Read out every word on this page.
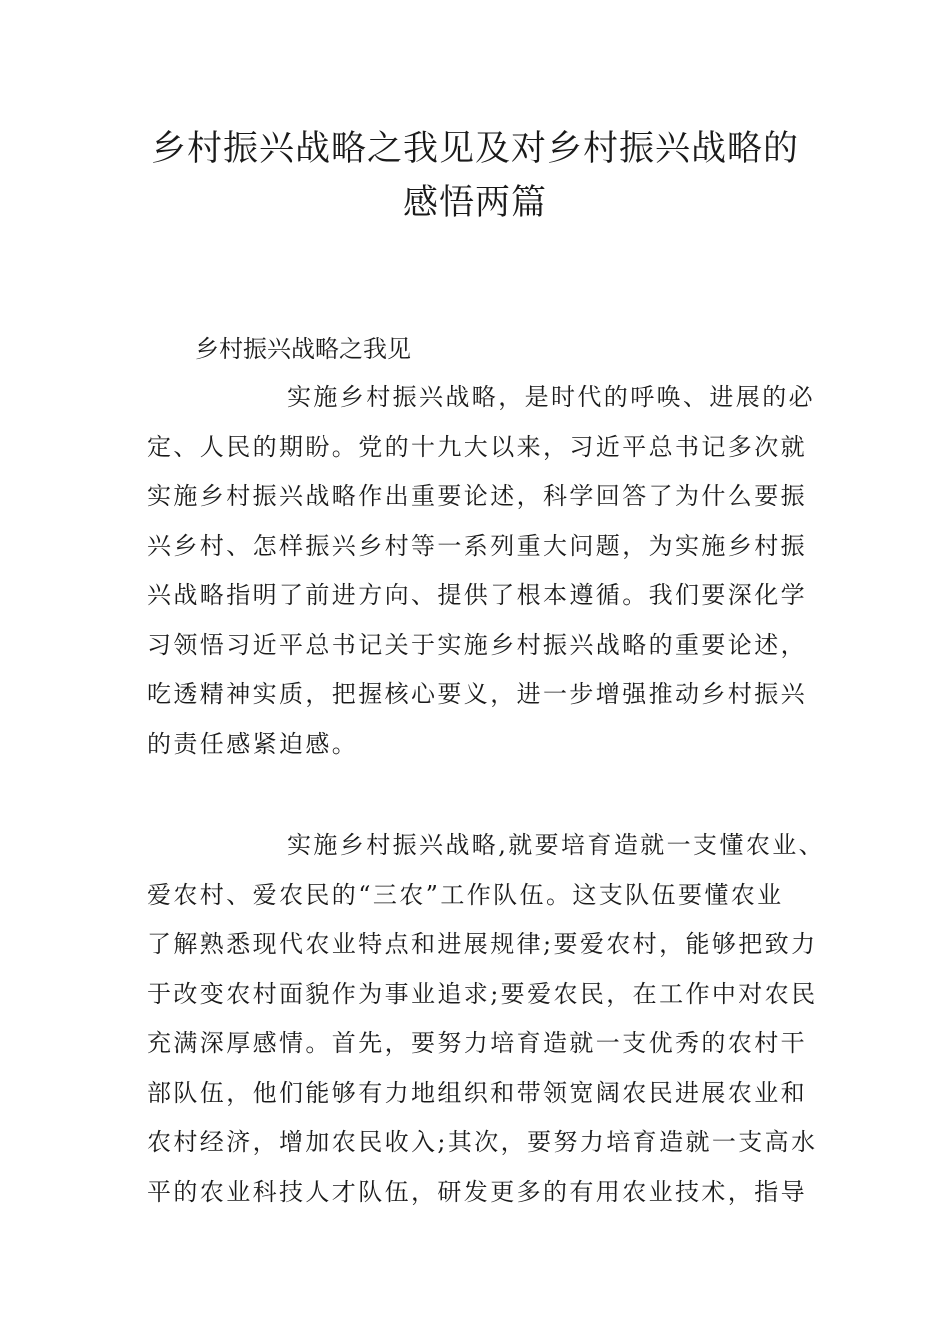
乡村振兴战略之我见及对乡村振兴战略的
感悟两篇
乡村振兴战略之我见
实施乡村振兴战略，是时代的呼唤、进展的必
定、人民的期盼。党的十九大以来，习近平总书记多次就
实施乡村振兴战略作出重要论述，科学回答了为什么要振
兴乡村、怎样振兴乡村等一系列重大问题，为实施乡村振
兴战略指明了前进方向、提供了根本遵循。我们要深化学
习领悟习近平总书记关于实施乡村振兴战略的重要论述，
吃透精神实质，把握核心要义，进一步增强推动乡村振兴
的责任感紧迫感。
实施乡村振兴战略,就要培育造就一支懂农业、
爱农村、爱农民的“三农”工作队伍。这支队伍要懂农业
了解熟悉现代农业特点和进展规律;要爱农村，能够把致力
于改变农村面貌作为事业追求;要爱农民，在工作中对农民
充满深厚感情。首先，要努力培育造就一支优秀的农村干
部队伍，他们能够有力地组织和带领宽阔农民进展农业和
农村经济，增加农民收入;其次，要努力培育造就一支高水
平的农业科技人才队伍，研发更多的有用农业技术，指导
